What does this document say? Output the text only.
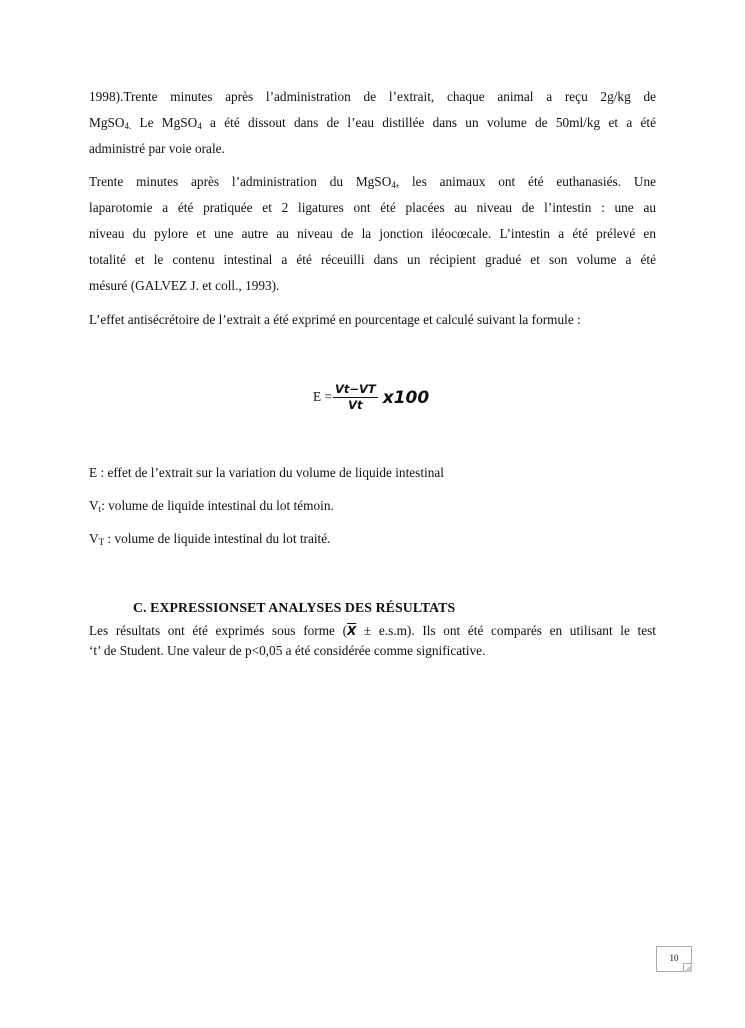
1998).Trente minutes après l’administration de l’extrait, chaque animal a reçu 2g/kg de
MgSO$_{4.}$ Le MgSO$_4$ a été dissout dans de l’eau distillée dans un volume de 50ml/kg et a été
administré par voie orale.
Trente minutes après l’administration du MgSO$_4$, les animaux ont été euthanasiés. Une
laparotomie a été pratiquée et 2 ligatures ont été placées au niveau de l’intestin : une au
niveau du pylore et une autre au niveau de la jonction iléocœcale. L’intestin a été prélevé en
totalité et le contenu intestinal a été réceuilli dans un récipient gradué et son volume a été
mésuré (GALVEZ J. et coll., 1993).
L’effet antisécrétoire de l’extrait a été exprimé en pourcentage et calculé suivant la formule :
$E = \frac{Vt-VT}{Vt} x100$
E : effet de l’extrait sur la variation du volume de liquide intestinal
$V_t$: volume de liquide intestinal du lot témoin.
$V_T$ : volume de liquide intestinal du lot traité.
C. EXPRESSIONSET ANALYSES DES RÉSULTATS
Les résultats ont été exprimés sous forme $(\overline{X} \pm e.s.m)$. Ils ont été comparés en utilisant le test
‘t’ de Student. Une valeur de p<0,05 a été considérée comme significative.
10
